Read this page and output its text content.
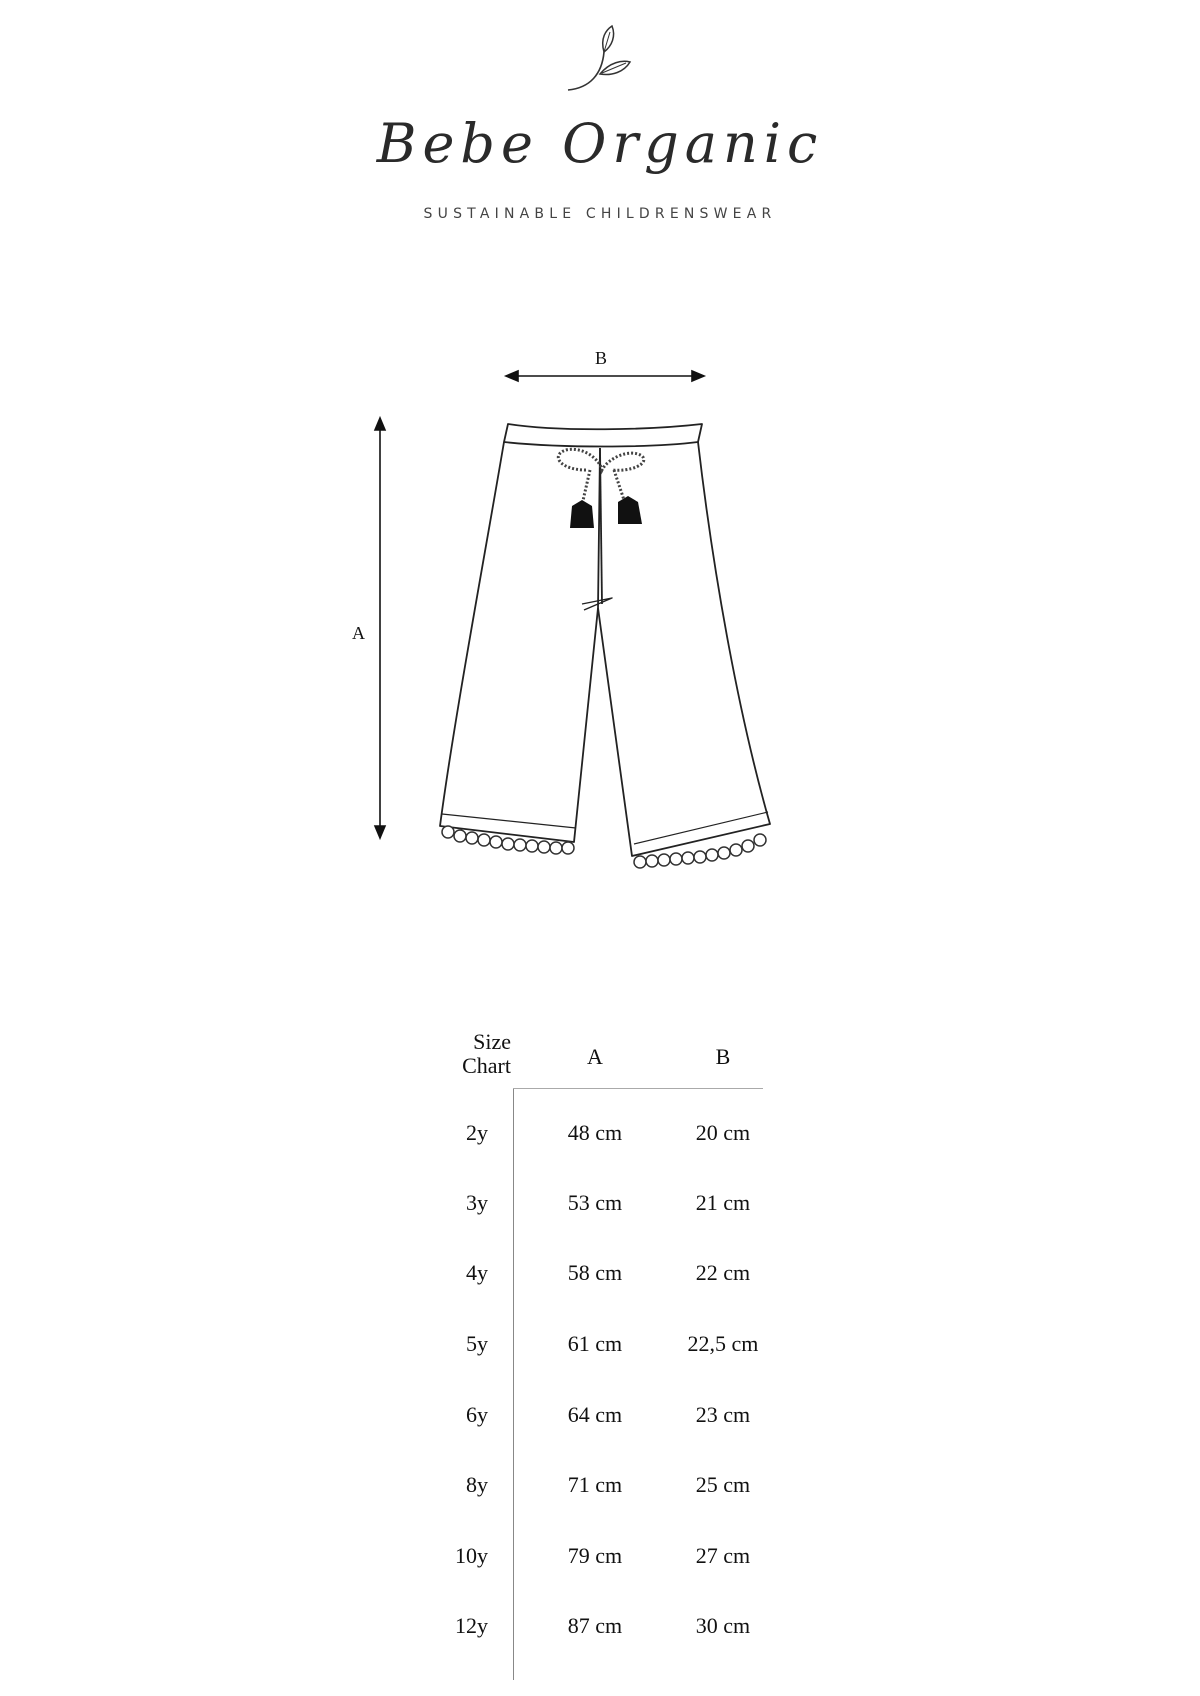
Bebe Organic
SUSTAINABLE CHILDRENSWEAR
B
A
Size Chart	A	B
2y	48 cm	20 cm
3y	53 cm	21 cm
4y	58 cm	22 cm
5y	61 cm	22,5 cm
6y	64 cm	23 cm
8y	71 cm	25 cm
10y	79 cm	27 cm
12y	87 cm	30 cm
